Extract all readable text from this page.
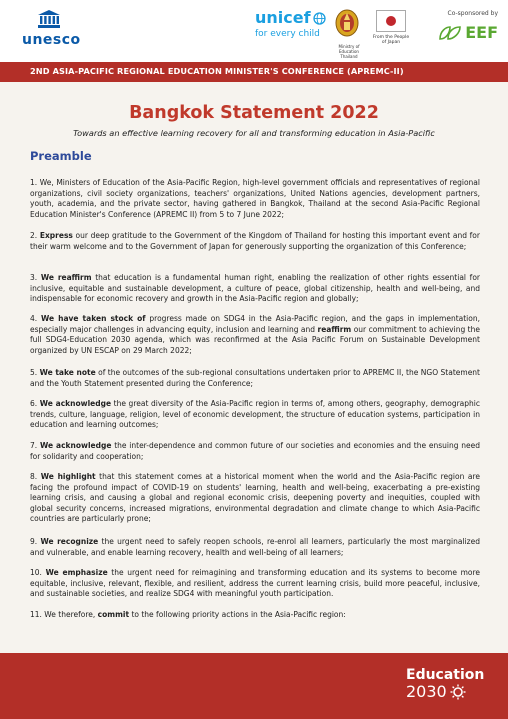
unesco
unicef
for every child
Ministry of Education Thailand
From the People of Japan
Co-sponsored by
EEF
2ND ASIA-PACIFIC REGIONAL EDUCATION MINISTER'S CONFERENCE (APREMC-II)
Bangkok Statement 2022
Towards an effective learning recovery for all and transforming education in Asia-Pacific
Preamble

1. We, Ministers of Education of the Asia-Pacific Region, high-level government officials and representatives of regional organizations, civil society organizations, teachers' organizations, United Nations agencies, development partners, youth, academia, and the private sector, having gathered in Bangkok, Thailand at the second Asia-Pacific Regional Education Minister's Conference (APREMC II) from 5 to 7 June 2022;

2. Express our deep gratitude to the Government of the Kingdom of Thailand for hosting this important event and for their warm welcome and to the Government of Japan for generously supporting the organization of this Conference;

3. We reaffirm that education is a fundamental human right, enabling the realization of other rights essential for inclusive, equitable and sustainable development, a culture of peace, global citizenship, health and well-being, and indispensable for economic recovery and growth in the Asia-Pacific region and globally;

4. We have taken stock of progress made on SDG4 in the Asia-Pacific region, and the gaps in implementation, especially major challenges in advancing equity, inclusion and learning and reaffirm our commitment to achieving the full SDG4-Education 2030 agenda, which was reconfirmed at the Asia Pacific Forum on Sustainable Development organized by UN ESCAP on 29 March 2022;

5. We take note of the outcomes of the sub-regional consultations undertaken prior to APREMC II, the NGO Statement and the Youth Statement presented during the Conference;

6. We acknowledge the great diversity of the Asia-Pacific region in terms of, among others, geography, demographic trends, culture, language, religion, level of economic development, the structure of education systems, participation in education and learning outcomes;

7. We acknowledge the inter-dependence and common future of our societies and economies and the ensuing need for solidarity and cooperation;

8. We highlight that this statement comes at a historical moment when the world and the Asia-Pacific region are facing the profound impact of COVID-19 on students' learning, health and well-being, exacerbating a pre-existing learning crisis, and causing a global and regional economic crisis, deepening poverty and inequities, coupled with global security concerns, increased migrations, environmental degradation and climate change to which Asia-Pacific countries are particularly prone;

9. We recognize the urgent need to safely reopen schools, re-enrol all learners, particularly the most marginalized and vulnerable, and enable learning recovery, health and well-being of all learners;

10. We emphasize the urgent need for reimagining and transforming education and its systems to become more equitable, inclusive, relevant, flexible, and resilient, address the current learning crisis, build more peaceful, inclusive, and sustainable societies, and realize SDG4 with meaningful youth participation.

11. We therefore, commit to the following priority actions in the Asia-Pacific region:

Education
2030
